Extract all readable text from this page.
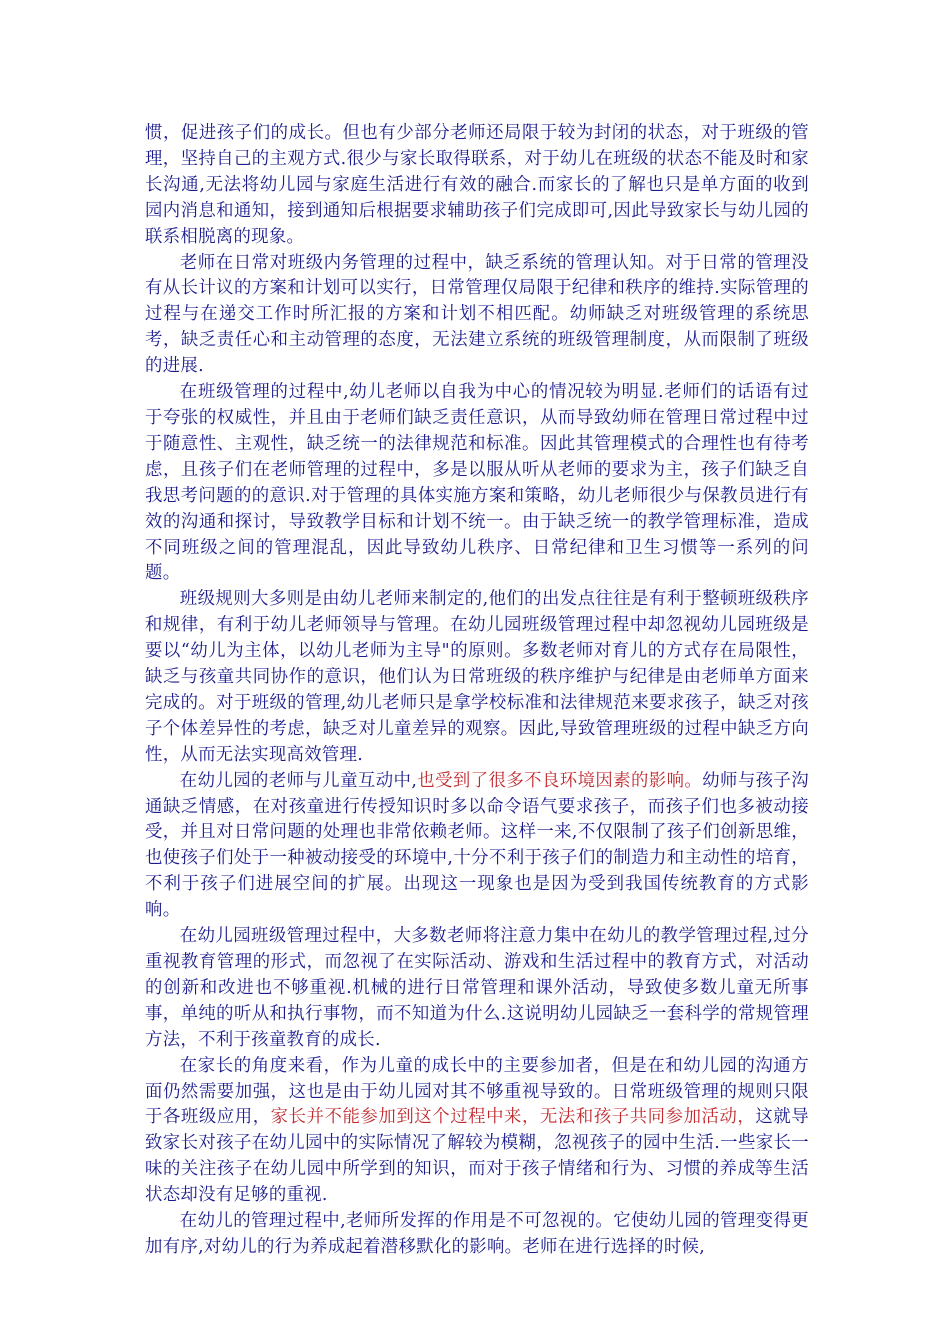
惯，促进孩子们的成长。但也有少部分老师还局限于较为封闭的状态，对于班级的管理，坚持自己的主观方式.很少与家长取得联系，对于幼儿在班级的状态不能及时和家长沟通,无法将幼儿园与家庭生活进行有效的融合.而家长的了解也只是单方面的收到园内消息和通知，接到通知后根据要求辅助孩子们完成即可,因此导致家长与幼儿园的联系相脱离的现象。

老师在日常对班级内务管理的过程中，缺乏系统的管理认知。对于日常的管理没有从长计议的方案和计划可以实行，日常管理仅局限于纪律和秩序的维持.实际管理的过程与在递交工作时所汇报的方案和计划不相匹配。幼师缺乏对班级管理的系统思考，缺乏责任心和主动管理的态度，无法建立系统的班级管理制度，从而限制了班级的进展.

在班级管理的过程中,幼儿老师以自我为中心的情况较为明显.老师们的话语有过于夸张的权威性，并且由于老师们缺乏责任意识，从而导致幼师在管理日常过程中过于随意性、主观性，缺乏统一的法律规范和标准。因此其管理模式的合理性也有待考虑，且孩子们在老师管理的过程中，多是以服从听从老师的要求为主，孩子们缺乏自我思考问题的的意识.对于管理的具体实施方案和策略，幼儿老师很少与保教员进行有效的沟通和探讨，导致教学目标和计划不统一。由于缺乏统一的教学管理标准，造成不同班级之间的管理混乱，因此导致幼儿秩序、日常纪律和卫生习惯等一系列的问题。

班级规则大多则是由幼儿老师来制定的,他们的出发点往往是有利于整顿班级秩序和规律，有利于幼儿老师领导与管理。在幼儿园班级管理过程中却忽视幼儿园班级是要以“幼儿为主体，以幼儿老师为主导"的原则。多数老师对育儿的方式存在局限性，缺乏与孩童共同协作的意识，他们认为日常班级的秩序维护与纪律是由老师单方面来完成的。对于班级的管理,幼儿老师只是拿学校标准和法律规范来要求孩子，缺乏对孩子个体差异性的考虑，缺乏对儿童差异的观察。因此,导致管理班级的过程中缺乏方向性，从而无法实现高效管理.

在幼儿园的老师与儿童互动中,也受到了很多不良环境因素的影响。幼师与孩子沟通缺乏情感，在对孩童进行传授知识时多以命令语气要求孩子，而孩子们也多被动接受，并且对日常问题的处理也非常依赖老师。这样一来,不仅限制了孩子们创新思维，也使孩子们处于一种被动接受的环境中,十分不利于孩子们的制造力和主动性的培育，不利于孩子们进展空间的扩展。出现这一现象也是因为受到我国传统教育的方式影响。

在幼儿园班级管理过程中，大多数老师将注意力集中在幼儿的教学管理过程,过分重视教育管理的形式，而忽视了在实际活动、游戏和生活过程中的教育方式，对活动的创新和改进也不够重视.机械的进行日常管理和课外活动，导致使多数儿童无所事事，单纯的听从和执行事物，而不知道为什么.这说明幼儿园缺乏一套科学的常规管理方法，不利于孩童教育的成长.

在家长的角度来看，作为儿童的成长中的主要参加者，但是在和幼儿园的沟通方面仍然需要加强，这也是由于幼儿园对其不够重视导致的。日常班级管理的规则只限于各班级应用，家长并不能参加到这个过程中来，无法和孩子共同参加活动，这就导致家长对孩子在幼儿园中的实际情况了解较为模糊，忽视孩子的园中生活.一些家长一味的关注孩子在幼儿园中所学到的知识，而对于孩子情绪和行为、习惯的养成等生活状态却没有足够的重视.

在幼儿的管理过程中,老师所发挥的作用是不可忽视的。它使幼儿园的管理变得更加有序,对幼儿的行为养成起着潜移默化的影响。老师在进行选择的时候,
